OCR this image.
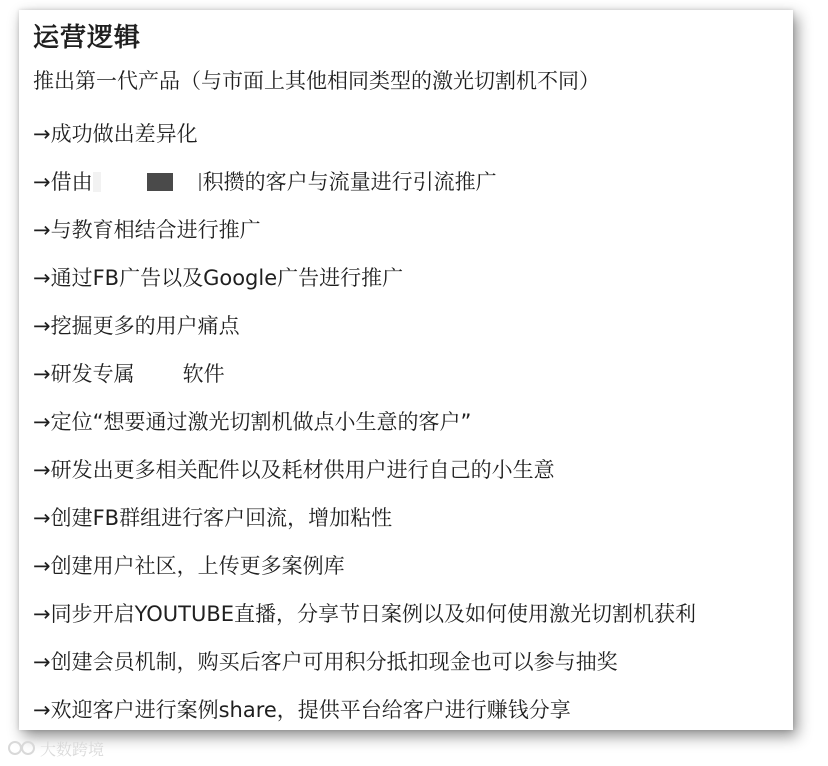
运营逻辑
推出第一代产品（与市面上其他相同类型的激光切割机不同）
→成功做出差异化
→借由	积攒的客户与流量进行引流推广
→与教育相结合进行推广
→通过FB广告以及Google广告进行推广
→挖掘更多的用户痛点
→研发专属 软件
→定位“想要通过激光切割机做点小生意的客户”
→研发出更多相关配件以及耗材供用户进行自己的小生意
→创建FB群组进行客户回流，增加粘性
→创建用户社区，上传更多案例库
→同步开启YOUTUBE直播，分享节日案例以及如何使用激光切割机获利
→创建会员机制，购买后客户可用积分抵扣现金也可以参与抽奖
→欢迎客户进行案例share，提供平台给客户进行赚钱分享
大数跨境
